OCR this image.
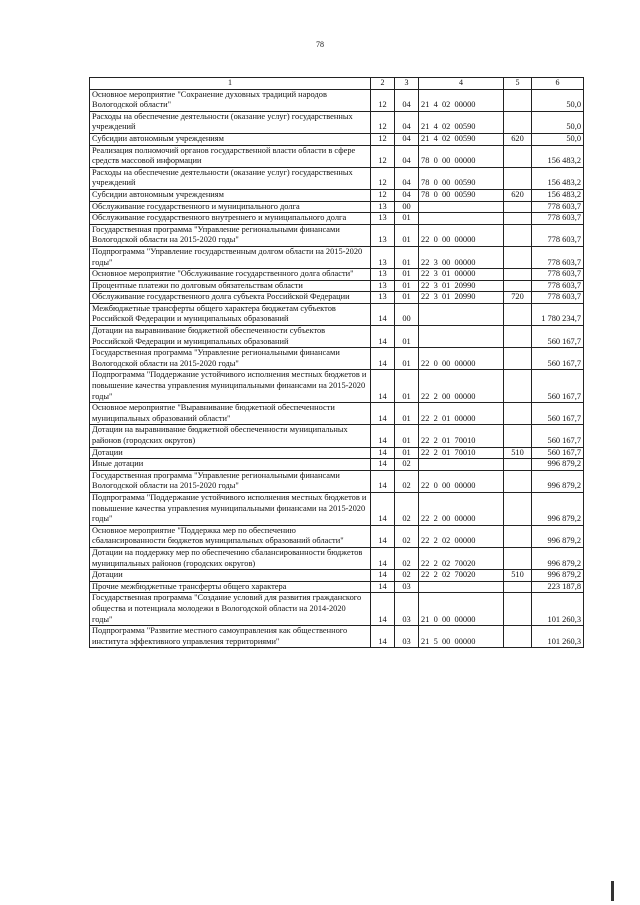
78
1	2	3	4	5	6
Основное мероприятие "Сохранение духовных традиций народов Вологодской области"	12	04	21  4  02  00000		50,0
Расходы на обеспечение деятельности (оказание услуг) государственных учреждений	12	04	21  4  02  00590		50,0
Субсидии автономным учреждениям	12	04	21  4  02  00590	620	50,0
Реализация полномочий органов государственной власти области в сфере средств массовой информации	12	04	78  0  00  00000		156 483,2
Расходы на обеспечение деятельности (оказание услуг) государственных учреждений	12	04	78  0  00  00590		156 483,2
Субсидии автономным учреждениям	12	04	78  0  00  00590	620	156 483,2
Обслуживание государственного и муниципального долга	13	00			778 603,7
Обслуживание государственного внутреннего и муниципального долга	13	01			778 603,7
Государственная программа "Управление региональными финансами Вологодской области на 2015-2020 годы"	13	01	22  0  00  00000		778 603,7
Подпрограмма "Управление государственным долгом области на 2015-2020 годы"	13	01	22  3  00  00000		778 603,7
Основное мероприятие "Обслуживание государственного долга области"	13	01	22  3  01  00000		778 603,7
Процентные платежи по долговым обязательствам области	13	01	22  3  01  20990		778 603,7
Обслуживание государственного долга субъекта Российской Федерации	13	01	22  3  01  20990	720	778 603,7
Межбюджетные трансферты общего характера бюджетам субъектов Российской Федерации и муниципальных образований	14	00			1 780 234,7
Дотации на выравнивание бюджетной обеспеченности субъектов Российской Федерации и муниципальных образований	14	01			560 167,7
Государственная программа "Управление региональными финансами Вологодской области на 2015-2020 годы"	14	01	22  0  00  00000		560 167,7
Подпрограмма "Поддержание устойчивого исполнения местных бюджетов и повышение качества управления муниципальными финансами на 2015-2020 годы"	14	01	22  2  00  00000		560 167,7
Основное мероприятие "Выравнивание бюджетной обеспеченности муниципальных образований области"	14	01	22  2  01  00000		560 167,7
Дотации на выравнивание бюджетной обеспеченности муниципальных районов (городских округов)	14	01	22  2  01  70010		560 167,7
Дотации	14	01	22  2  01  70010	510	560 167,7
Иные дотации	14	02			996 879,2
Государственная программа "Управление региональными финансами Вологодской области на 2015-2020 годы"	14	02	22  0  00  00000		996 879,2
Подпрограмма "Поддержание устойчивого исполнения местных бюджетов и повышение качества управления муниципальными финансами на 2015-2020 годы"	14	02	22  2  00  00000		996 879,2
Основное мероприятие "Поддержка мер по обеспечению сбалансированности бюджетов муниципальных образований области"	14	02	22  2  02  00000		996 879,2
Дотации на поддержку мер по обеспечению сбалансированности бюджетов муниципальных районов (городских округов)	14	02	22  2  02  70020		996 879,2
Дотации	14	02	22  2  02  70020	510	996 879,2
Прочие межбюджетные трансферты общего характера	14	03			223 187,8
Государственная программа "Создание условий для развития гражданского общества и потенциала молодежи в Вологодской области на 2014-2020 годы"	14	03	21  0  00  00000		101 260,3
Подпрограмма "Развитие местного самоуправления как общественного института эффективного управления территориями"	14	03	21  5  00  00000		101 260,3
